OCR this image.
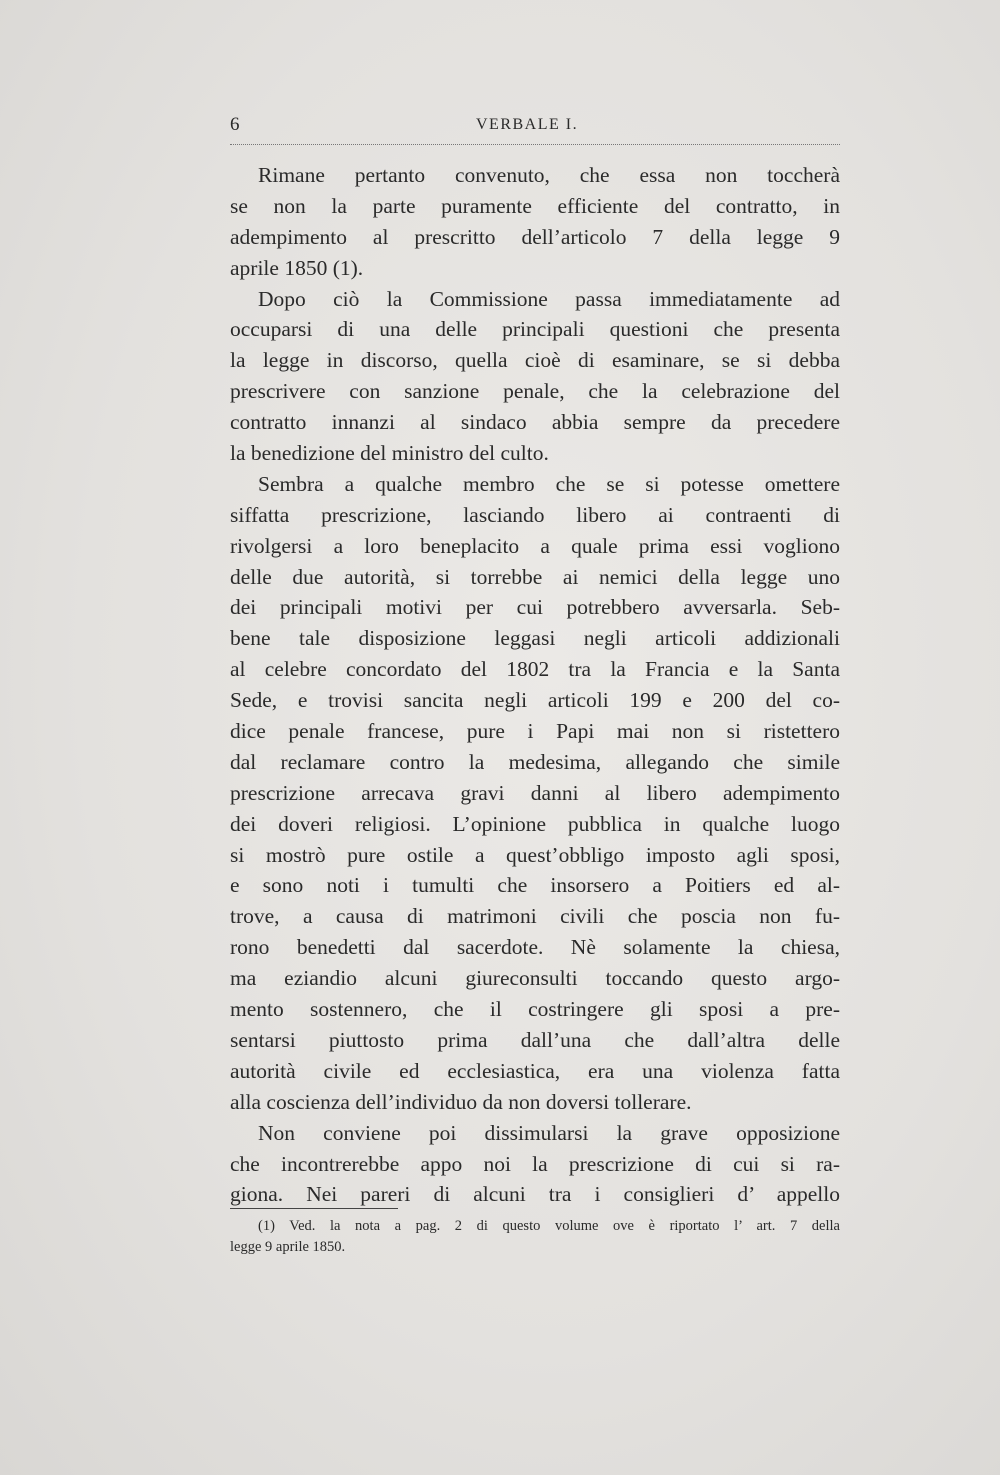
6	VERBALE I.
Rimane pertanto convenuto, che essa non toccherà
se non la parte puramente efficiente del contratto, in
adempimento al prescritto dell’articolo 7 della legge 9
aprile 1850 (1).
Dopo ciò la Commissione passa immediatamente ad
occuparsi di una delle principali questioni che presenta
la legge in discorso, quella cioè di esaminare, se si debba
prescrivere con sanzione penale, che la celebrazione del
contratto innanzi al sindaco abbia sempre da precedere
la benedizione del ministro del culto.
Sembra a qualche membro che se si potesse omettere
siffatta prescrizione, lasciando libero ai contraenti di
rivolgersi a loro beneplacito a quale prima essi vogliono
delle due autorità, si torrebbe ai nemici della legge uno
dei principali motivi per cui potrebbero avversarla. Seb-
bene tale disposizione leggasi negli articoli addizionali
al celebre concordato del 1802 tra la Francia e la Santa
Sede, e trovisi sancita negli articoli 199 e 200 del co-
dice penale francese, pure i Papi mai non si ristettero
dal reclamare contro la medesima, allegando che simile
prescrizione arrecava gravi danni al libero adempimento
dei doveri religiosi. L’opinione pubblica in qualche luogo
si mostrò pure ostile a quest’obbligo imposto agli sposi,
e sono noti i tumulti che insorsero a Poitiers ed al-
trove, a causa di matrimoni civili che poscia non fu-
rono benedetti dal sacerdote. Nè solamente la chiesa,
ma eziandio alcuni giureconsulti toccando questo argo-
mento sostennero, che il costringere gli sposi a pre-
sentarsi piuttosto prima dall’una che dall’altra delle
autorità civile ed ecclesiastica, era una violenza fatta
alla coscienza dell’individuo da non doversi tollerare.
Non conviene poi dissimularsi la grave opposizione
che incontrerebbe appo noi la prescrizione di cui si ra-
giona. Nei pareri di alcuni tra i consiglieri d’ appello
(1) Ved. la nota a pag. 2 di questo volume ove è riportato l’ art. 7 della
legge 9 aprile 1850.
